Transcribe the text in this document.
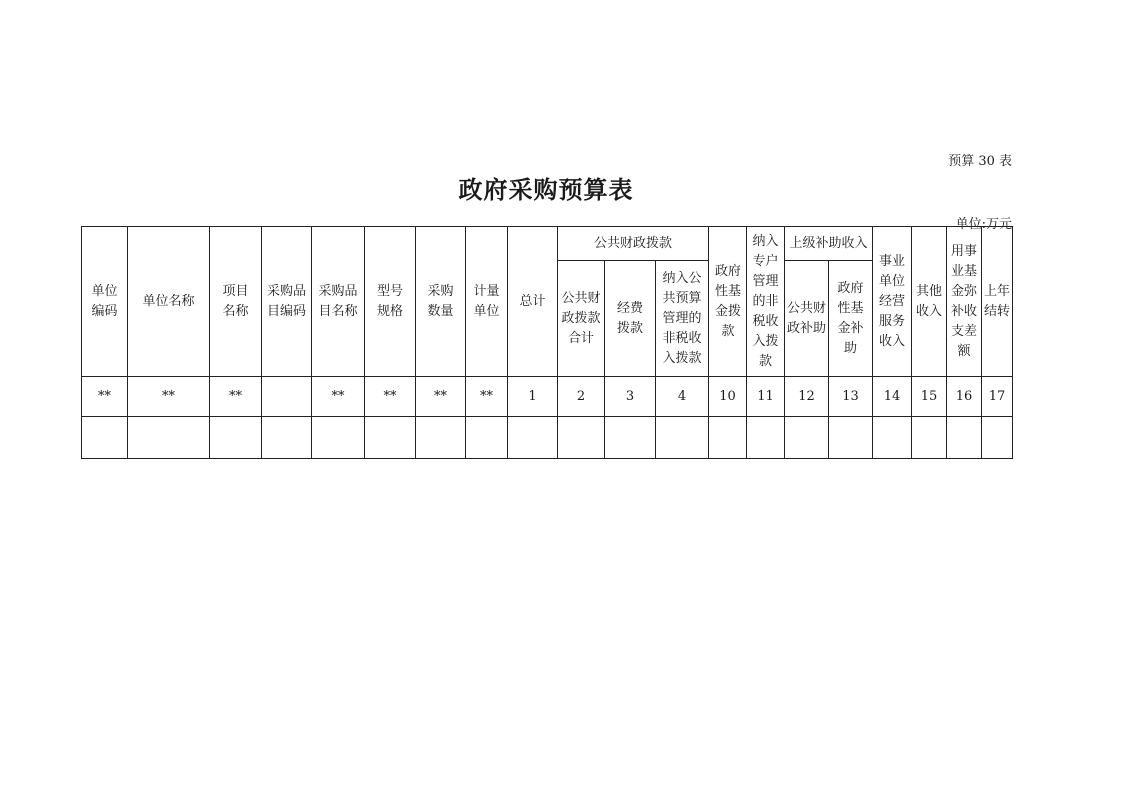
预算 30 表
政府采购预算表
单位:万元
单位编码	单位名称	项目名称	采购品目编码	采购品目名称	型号规格	采购数量	计量单位	总计	公共财政拨款			政府性基金拨款	纳入专户管理的非税收入拨款	上级补助收入		事业单位经营服务收入	其他收入	用事业基金弥补收支差额	上年结转

									公共财政拨款合计	经费拨款	纳入公共预算管理的非税收入拨款			公共财政补助	政府性基金补助				

**	**	**		**	**	**	**	1	2	3	4	10	11	12	13	14	15	16	17
